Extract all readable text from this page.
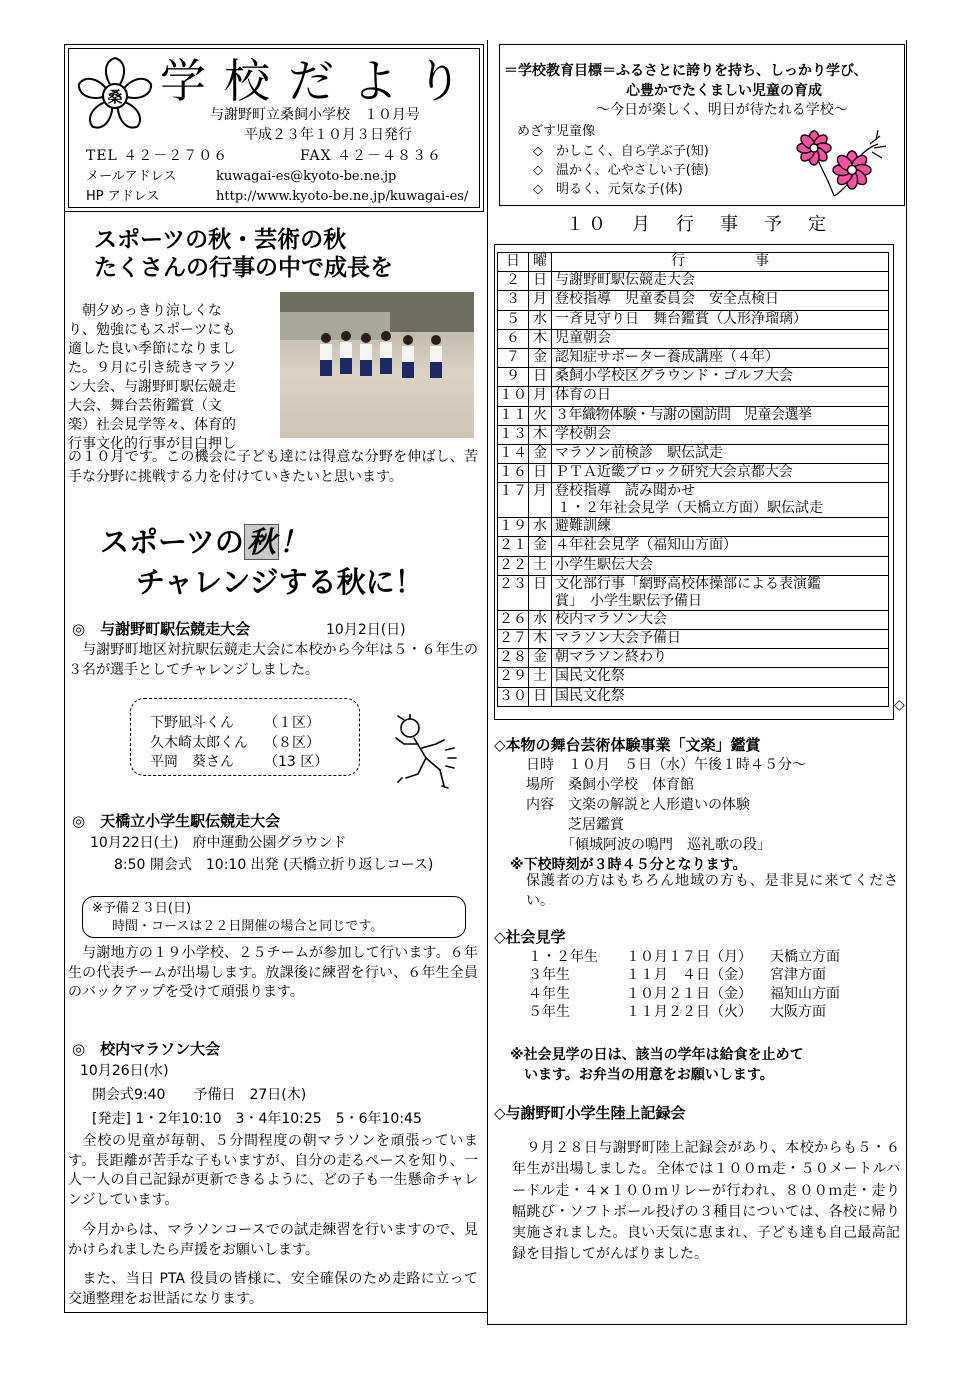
桑 学校だより
与謝野町立桑飼小学校　１０月号
平成２３年１０月３日発行
TEL ４２－２７０６	FAX ４２－４８３６
メールアドレス	kuwagai-es@kyoto-be.ne.jp
HP アドレス	http://www.kyoto-be.ne.jp/kuwagai-es/
＝学校教育目標＝ふるさとに誇りを持ち、しっかり学び、
心豊かでたくましい児童の育成
～今日が楽しく、明日が待たれる学校～
めざす児童像
◇　かしこく、自ら学ぶ子(知)
◇　温かく、心やさしい子(徳)
◇　明るく、元気な子(体)
スポーツの秋・芸術の秋
たくさんの行事の中で成長を
　朝夕めっきり涼しくな
り、勉強にもスポーツにも
適した良い季節になりまし
た。９月に引き続きマラソ
ン大会、与謝野町駅伝競走
大会、舞台芸術鑑賞（文
楽）社会見学等々、体育的
行事文化的行事が目白押し
の１０月です。この機会に子ども達には得意な分野を伸ばし、苦手な分野に挑戦する力を付けていきたいと思います。
スポーツの 秋 ！
チャレンジする秋に！
◎　与謝野町駅伝競走大会	10月2日(日)
　与謝野町地区対抗駅伝競走大会に本校から今年は５・６年生の３名が選手としてチャレンジしました。
下野凪斗くん （１区）
久木崎太郎くん （８区）
平岡　葵さん （13 区）
◎　天橋立小学生駅伝競走大会
10月22日(土)　府中運動公園グラウンド
8:50 開会式　10:10 出発 (天橋立折り返しコース)
※予備２３日(日)
時間・コースは２２日開催の場合と同じです。
　与謝地方の１９小学校、２５チームが参加して行います。６年生の代表チームが出場します。放課後に練習を行い、６年生全員のバックアップを受けて頑張ります。
◎　校内マラソン大会
10月26日(水)
開会式9:40　　予備日　27日(木)
[発走] 1・2年10:10　3・4年10:25　5・6年10:45
　全校の児童が毎朝、５分間程度の朝マラソンを頑張っています。長距離が苦手な子もいますが、自分の走るペースを知り、一人一人の自己記録が更新できるように、どの子も一生懸命チャレンジしています。
　今月からは、マラソンコースでの試走練習を行いますので、見かけられましたら声援をお願いします。
　また、当日 PTA 役員の皆様に、安全確保のため走路に立って交通整理をお世話になります。
１０　月　行　事　予　定
日	曜	行　　　　　事
２	日	与謝野町駅伝競走大会
３	月	登校指導　児童委員会　安全点検日
５	水	一斉見守り日　舞台鑑賞（人形浄瑠璃）
６	木	児童朝会
７	金	認知症サポーター養成講座（４年）
９	日	桑飼小学校区グラウンド・ゴルフ大会
１０	月	体育の日
１１	火	３年織物体験・与謝の園訪問　児童会選挙
１３	木	学校朝会
１４	金	マラソン前検診　駅伝試走
１６	日	ＰＴＡ近畿ブロック研究大会京都大会
１７	月	登校指導　読み聞かせ
１・２年社会見学（天橋立方面）駅伝試走

１９	水	避難訓練
２１	金	４年社会見学（福知山方面）
２２	土	小学生駅伝大会
２３	日	文化部行事「網野高校体操部による表演鑑
賞」　小学生駅伝予備日

２６	水	校内マラソン大会
２７	木	マラソン大会予備日
２８	金	朝マラソン終わり
２９	土	国民文化祭
３０	日	国民文化祭
◇
◇本物の舞台芸術体験事業「文楽」鑑賞
日時　１０月　５日（水）午後１時４５分～
場所　桑飼小学校　体育館
内容　文楽の解説と人形遣いの体験
　　　芝居鑑賞
　　　「傾城阿波の鳴門　巡礼歌の段」
※下校時刻が３時４５分となります。
保護者の方はもちろん地域の方も、是非見に来てください。
◇社会見学
１・２年生 １０月１７日（月） 天橋立方面
３年生	１１月　４日（金） 宮津方面
４年生	１０月２１日（金） 福知山方面
５年生	１１月２２日（火） 大阪方面
※社会見学の日は、該当の学年は給食を止めて
います。お弁当の用意をお願いします。
◇与謝野町小学生陸上記録会
　９月２８日与謝野町陸上記録会があり、本校からも５・６年生が出場しました。全体では１００ｍ走・５０メートルハードル走・４×１００ｍリレーが行われ、８００ｍ走・走り幅跳び・ソフトボール投げの３種目については、各校に帰り実施されました。良い天気に恵まれ、子ども達も自己最高記録を目指してがんばりました。
